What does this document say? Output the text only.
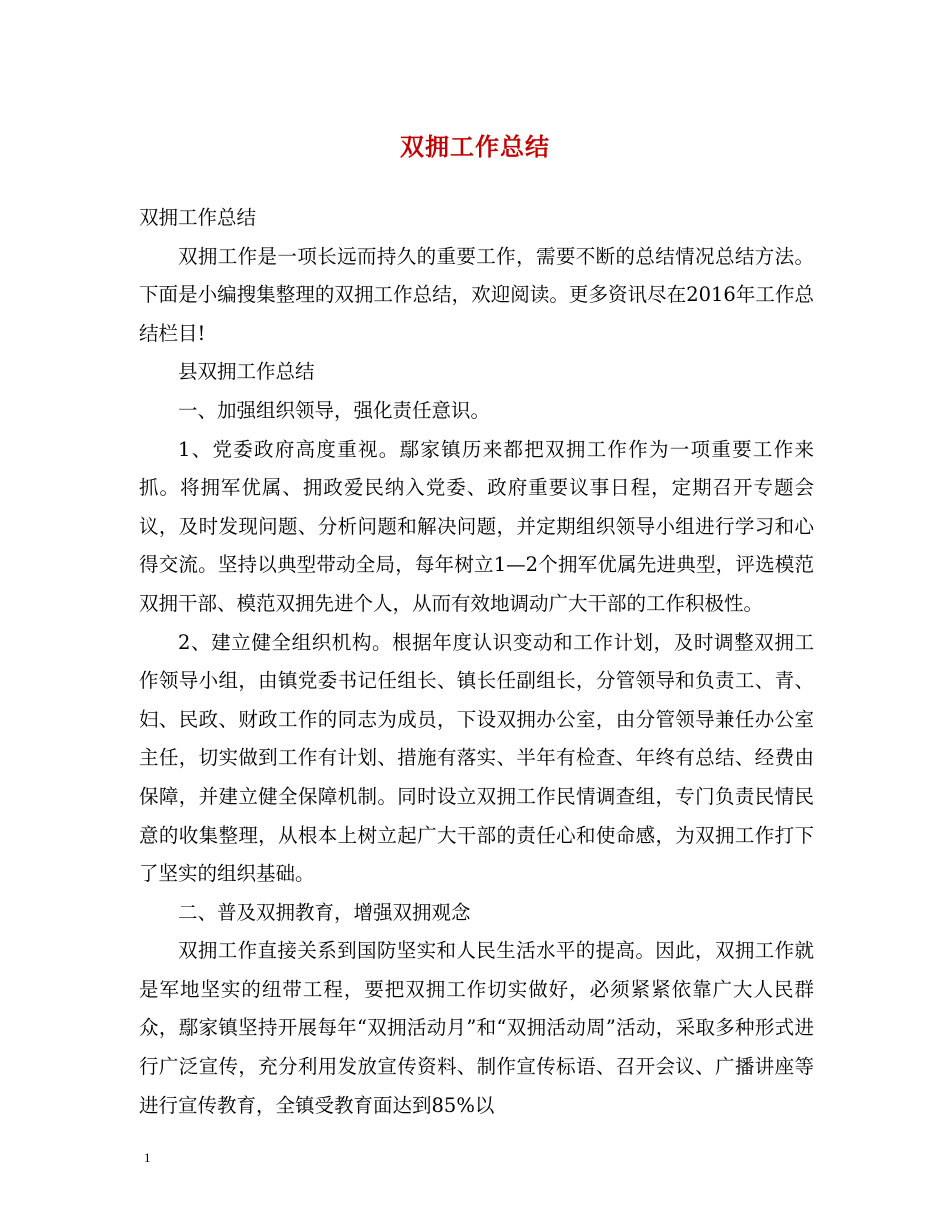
双拥工作总结

双拥工作总结

双拥工作是一项长远而持久的重要工作，需要不断的总结情况总结方法。下面是小编搜集整理的双拥工作总结，欢迎阅读。更多资讯尽在2016年工作总结栏目!

县双拥工作总结

一、加强组织领导，强化责任意识。

1、党委政府高度重视。鄢家镇历来都把双拥工作作为一项重要工作来抓。将拥军优属、拥政爱民纳入党委、政府重要议事日程，定期召开专题会议，及时发现问题、分析问题和解决问题，并定期组织领导小组进行学习和心得交流。坚持以典型带动全局，每年树立1—2个拥军优属先进典型，评选模范双拥干部、模范双拥先进个人，从而有效地调动广大干部的工作积极性。

2、建立健全组织机构。根据年度认识变动和工作计划，及时调整双拥工作领导小组，由镇党委书记任组长、镇长任副组长，分管领导和负责工、青、妇、民政、财政工作的同志为成员，下设双拥办公室，由分管领导兼任办公室主任，切实做到工作有计划、措施有落实、半年有检查、年终有总结、经费由保障，并建立健全保障机制。同时设立双拥工作民情调查组，专门负责民情民意的收集整理，从根本上树立起广大干部的责任心和使命感，为双拥工作打下了坚实的组织基础。

二、普及双拥教育，增强双拥观念

双拥工作直接关系到国防坚实和人民生活水平的提高。因此，双拥工作就是军地坚实的纽带工程，要把双拥工作切实做好，必须紧紧依靠广大人民群众，鄢家镇坚持开展每年“双拥活动月”和“双拥活动周”活动，采取多种形式进行广泛宣传，充分利用发放宣传资料、制作宣传标语、召开会议、广播讲座等进行宣传教育，全镇受教育面达到85%以

1
